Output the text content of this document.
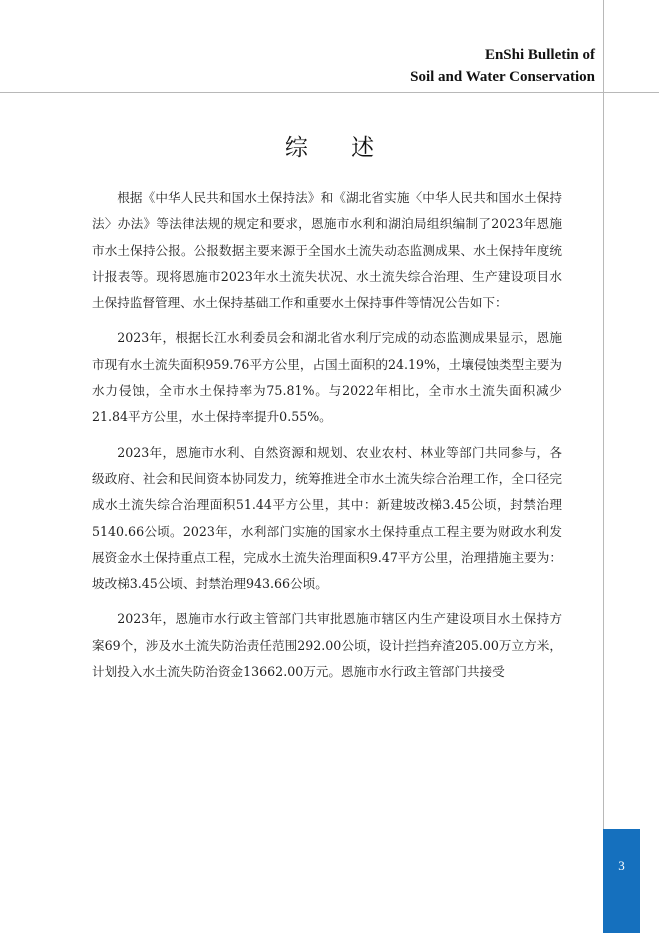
EnShi Bulletin of
Soil and Water Conservation
综 述

根据《中华人民共和国水土保持法》和《湖北省实施〈中华人民共和国水土保持法〉办法》等法律法规的规定和要求，恩施市水利和湖泊局组织编制了2023年恩施市水土保持公报。公报数据主要来源于全国水土流失动态监测成果、水土保持年度统计报表等。现将恩施市2023年水土流失状况、水土流失综合治理、生产建设项目水土保持监督管理、水土保持基础工作和重要水土保持事件等情况公告如下：

2023年，根据长江水利委员会和湖北省水利厅完成的动态监测成果显示，恩施市现有水土流失面积959.76平方公里，占国土面积的24.19%，土壤侵蚀类型主要为水力侵蚀，全市水土保持率为75.81%。与2022年相比，全市水土流失面积减少21.84平方公里，水土保持率提升0.55%。

2023年，恩施市水利、自然资源和规划、农业农村、林业等部门共同参与，各级政府、社会和民间资本协同发力，统筹推进全市水土流失综合治理工作，全口径完成水土流失综合治理面积51.44平方公里，其中：新建坡改梯3.45公顷，封禁治理5140.66公顷。2023年，水利部门实施的国家水土保持重点工程主要为财政水利发展资金水土保持重点工程，完成水土流失治理面积9.47平方公里，治理措施主要为：坡改梯3.45公顷、封禁治理943.66公顷。

2023年，恩施市水行政主管部门共审批恩施市辖区内生产建设项目水土保持方案69个，涉及水土流失防治责任范围292.00公顷，设计拦挡弃渣205.00万立方米，计划投入水土流失防治资金13662.00万元。恩施市水行政主管部门共接受

3
